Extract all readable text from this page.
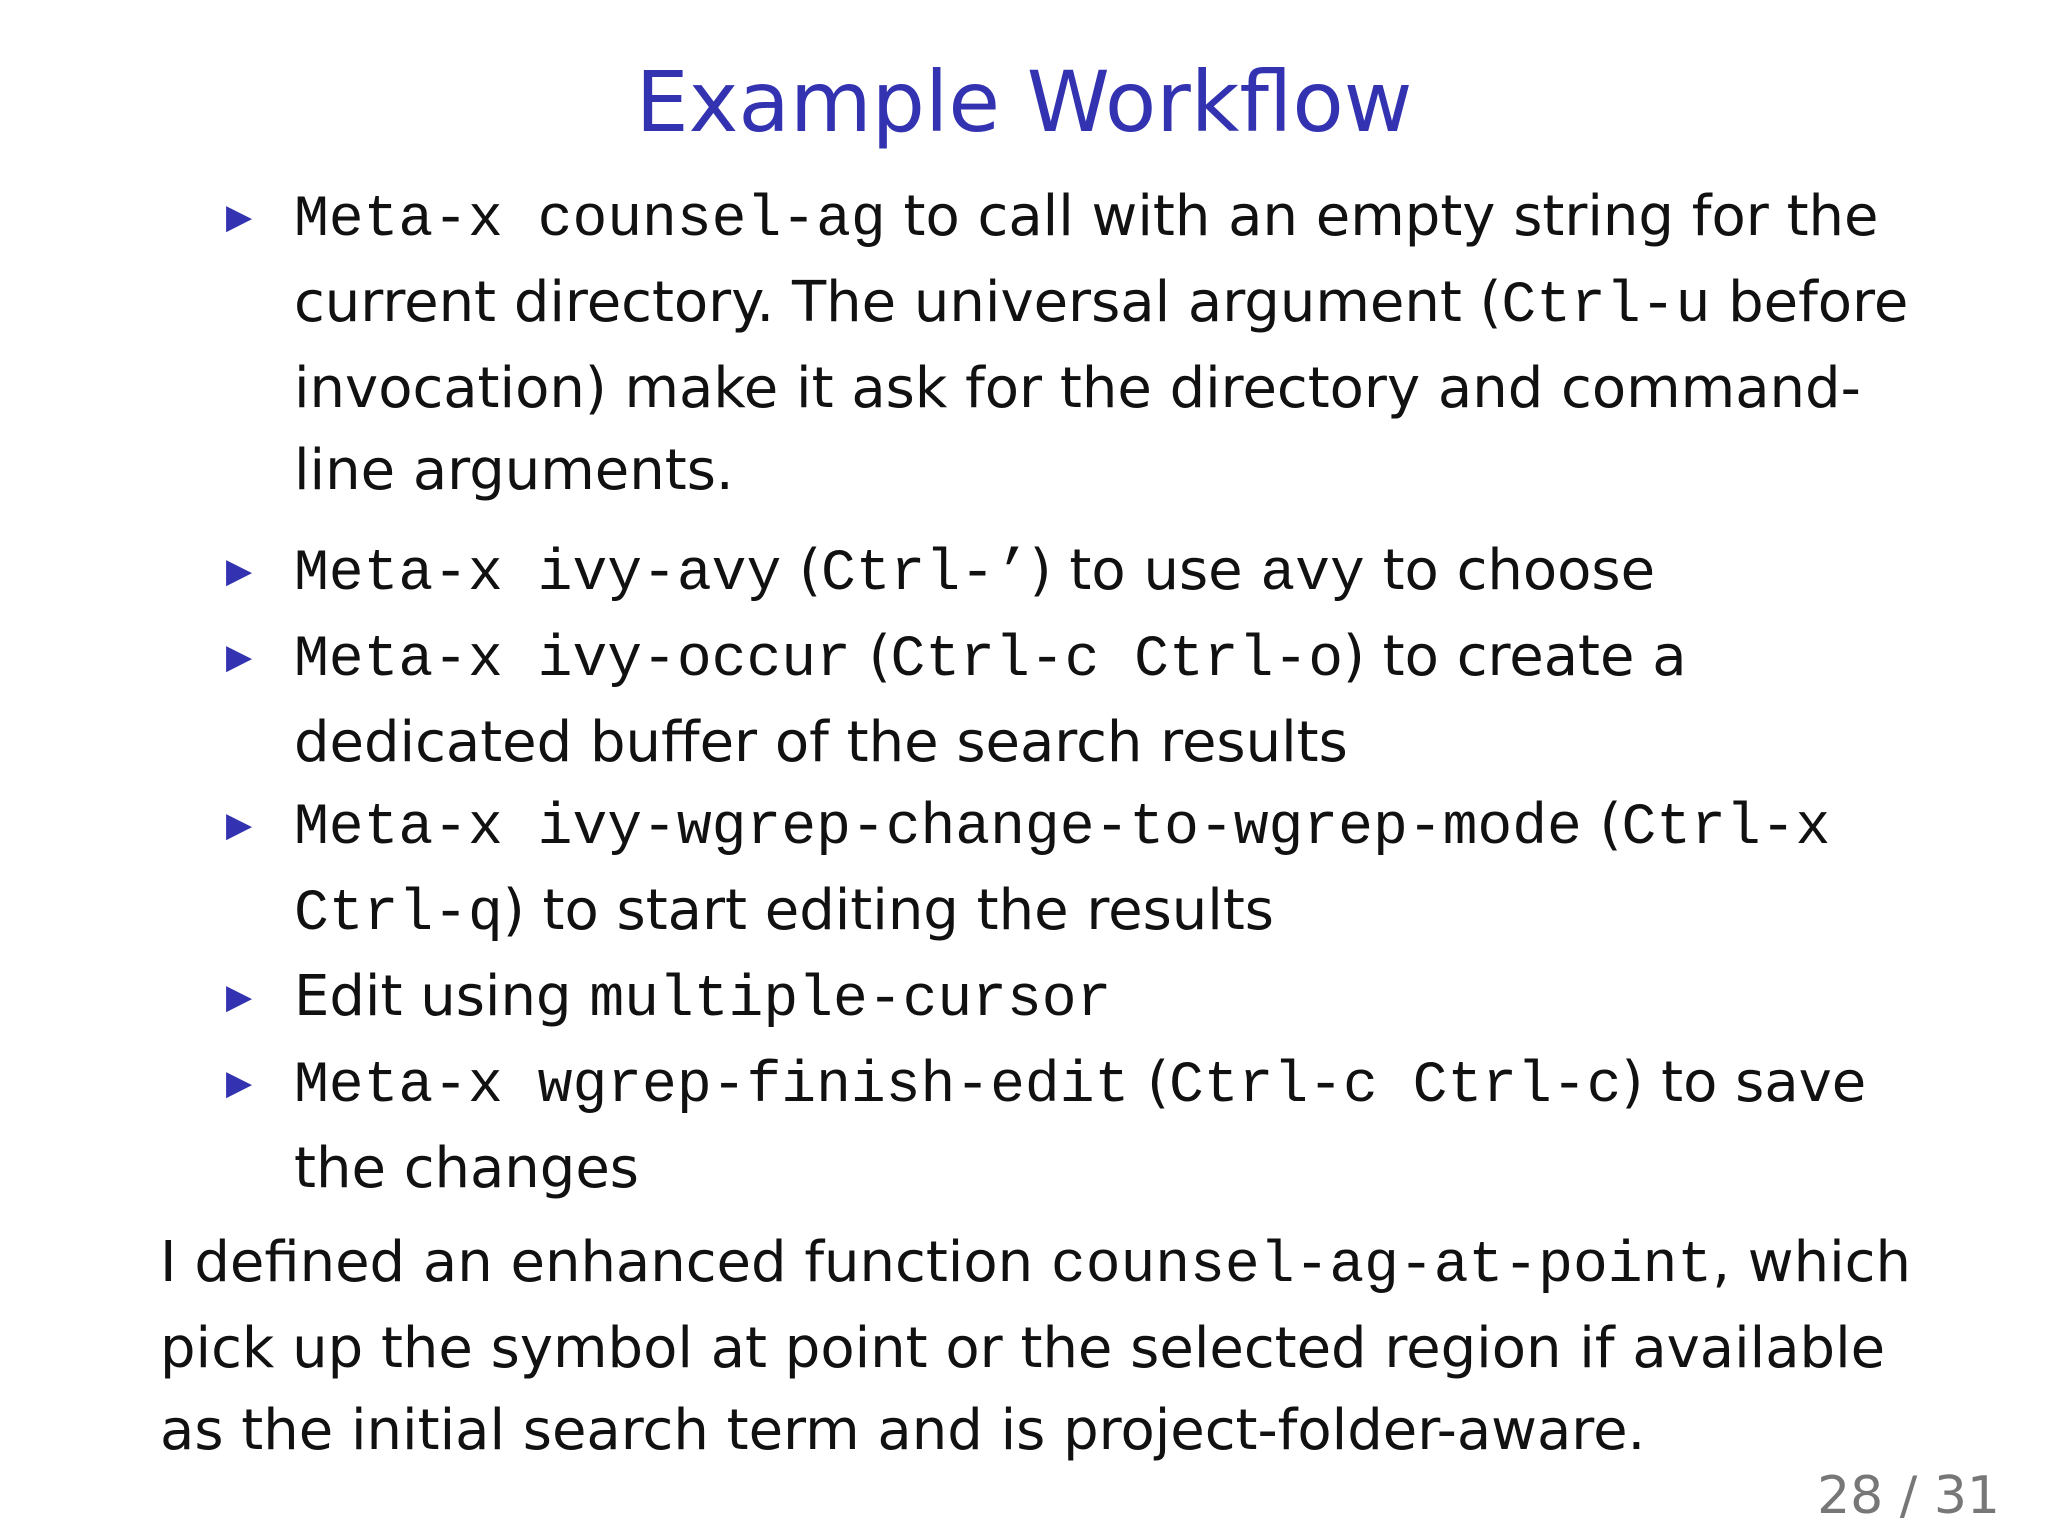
Example Workflow
▶ Meta-x counsel-ag to call with an empty string for the current directory. The universal argument (Ctrl-u before invocation) make it ask for the directory and command-line arguments.
▶ Meta-x ivy-avy (Ctrl-’) to use avy to choose
▶ Meta-x ivy-occur (Ctrl-c Ctrl-o) to create a dedicated buffer of the search results
▶ Meta-x ivy-wgrep-change-to-wgrep-mode (Ctrl-x Ctrl-q) to start editing the results
▶ Edit using multiple-cursor
▶ Meta-x wgrep-finish-edit (Ctrl-c Ctrl-c) to save the changes

I defined an enhanced function counsel-ag-at-point, which pick up the symbol at point or the selected region if available as the initial search term and is project-folder-aware.

28 / 31
